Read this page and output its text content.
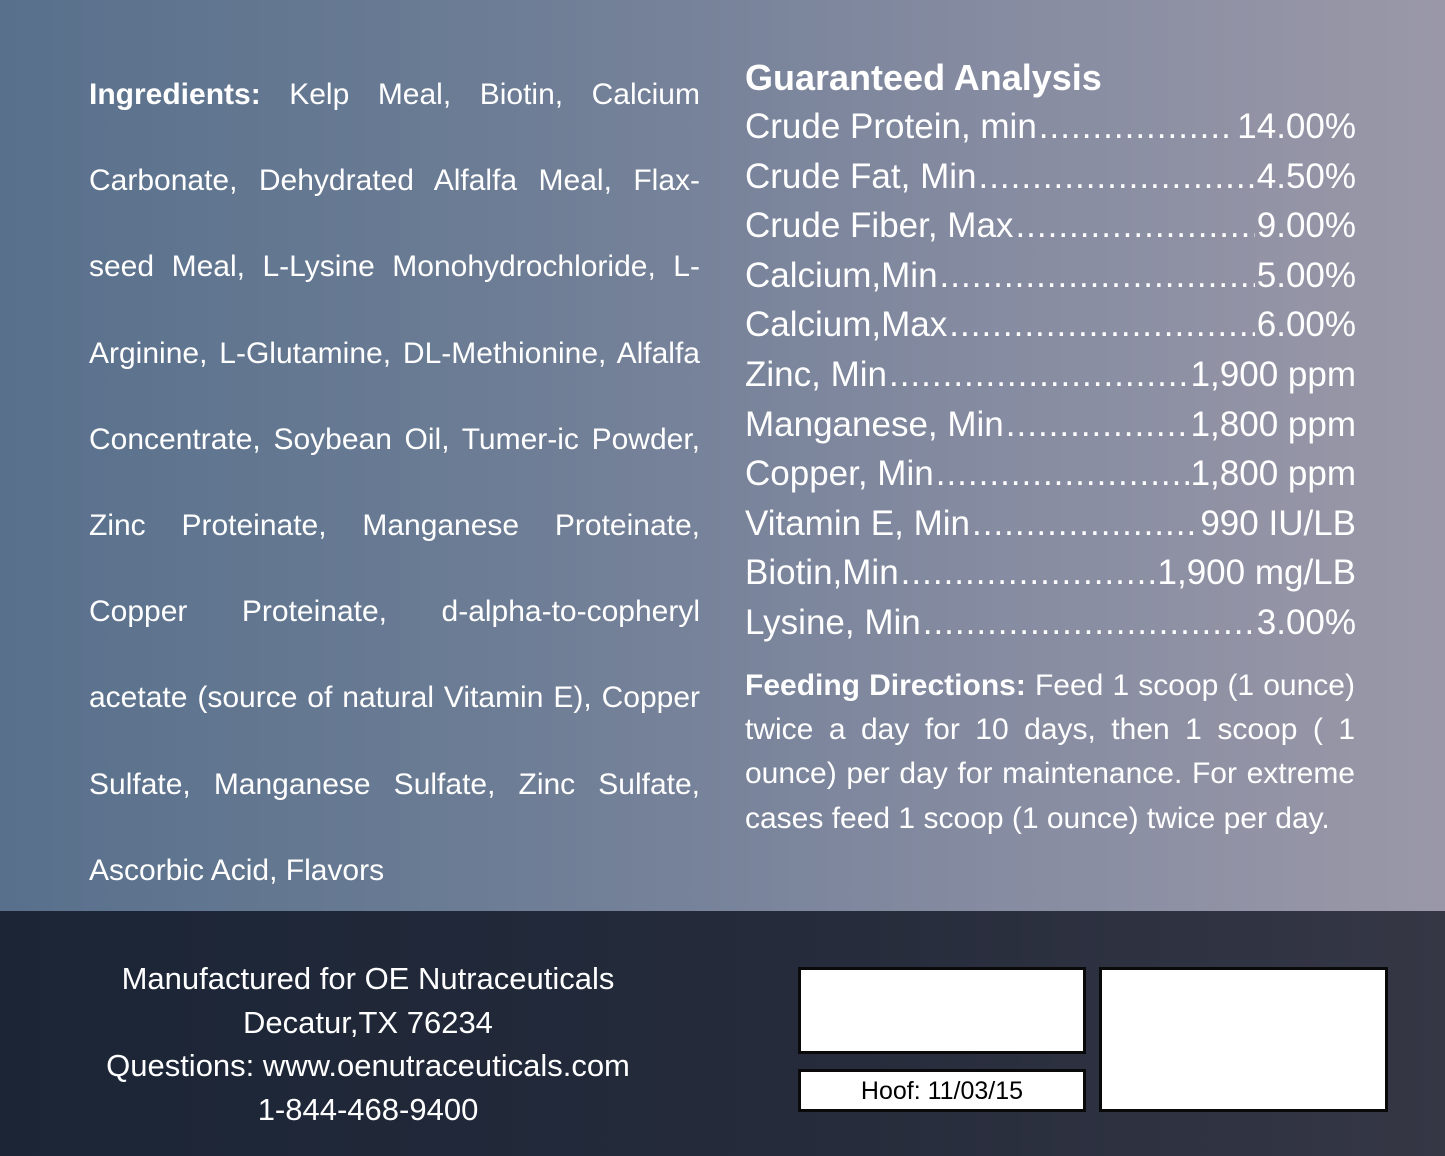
Ingredients: Kelp Meal, Biotin, Calcium Carbonate, Dehydrated Alfalfa Meal, Flax-seed Meal, L-Lysine Monohydrochloride, L-Arginine, L-Glutamine, DL-Methionine, Alfalfa Concentrate, Soybean Oil, Tumer-ic Powder, Zinc Proteinate, Manganese Proteinate, Copper Proteinate, d-alpha-to-copheryl acetate (source of natural Vitamin E), Copper Sulfate, Manganese Sulfate, Zinc Sulfate, Ascorbic Acid, Flavors

Guaranteed Analysis
Crude Protein, min .....	14.00%
Crude Fat, Min .....	4.50%
Crude Fiber, Max .....	9.00%
Calcium,Min .....	5.00%
Calcium,Max .....	6.00%
Zinc, Min .....	1,900 ppm
Manganese, Min .....	1,800 ppm
Copper, Min .....	1,800 ppm
Vitamin E, Min .....	990 IU/LB
Biotin,Min .....	1,900 mg/LB
Lysine, Min .....	3.00%

Feeding Directions: Feed 1 scoop (1 ounce) twice a day for 10 days, then 1 scoop ( 1 ounce) per day for maintenance. For extreme cases feed 1 scoop (1 ounce) twice per day.

Manufactured for OE Nutraceuticals
Decatur,TX 76234
Questions: www.oenutraceuticals.com
1-844-468-9400
Hoof: 11/03/15
